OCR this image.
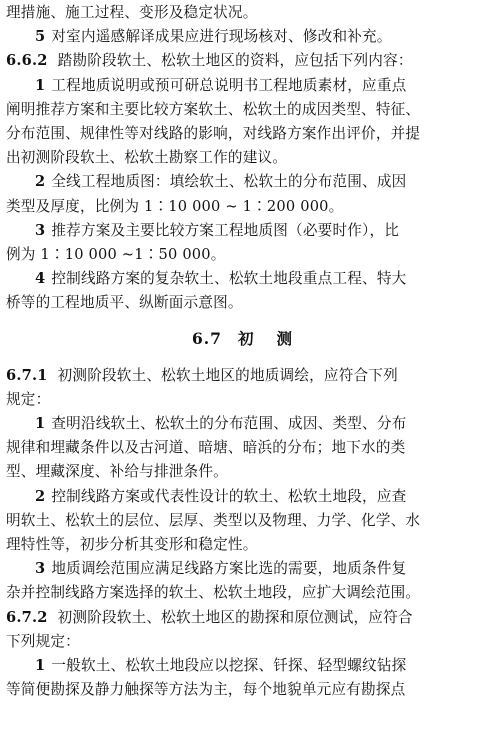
理措施、施工过程、变形及稳定状况。
5 对室内遥感解译成果应进行现场核对、修改和补充。
6.6.2 踏勘阶段软土、松软土地区的资料，应包括下列内容：
1 工程地质说明或预可研总说明书工程地质素材，应重点
阐明推荐方案和主要比较方案软土、松软土的成因类型、特征、
分布范围、规律性等对线路的影响，对线路方案作出评价，并提
出初测阶段软土、松软土勘察工作的建议。
2 全线工程地质图：填绘软土、松软土的分布范围、成因
类型及厚度，比例为 1∶10 000 ~ 1∶200 000。
3 推荐方案及主要比较方案工程地质图（必要时作），比
例为 1∶10 000 ~1∶50 000。
4 控制线路方案的复杂软土、松软土地段重点工程、特大
桥等的工程地质平、纵断面示意图。
6.7 初 测
6.7.1 初测阶段软土、松软土地区的地质调绘，应符合下列
规定：
1 查明沿线软土、松软土的分布范围、成因、类型、分布
规律和埋藏条件以及古河道、暗塘、暗浜的分布；地下水的类
型、埋藏深度、补给与排泄条件。
2 控制线路方案或代表性设计的软土、松软土地段，应查
明软土、松软土的层位、层厚、类型以及物理、力学、化学、水
理特性等，初步分析其变形和稳定性。
3 地质调绘范围应满足线路方案比选的需要，地质条件复
杂并控制线路方案选择的软土、松软土地段，应扩大调绘范围。
6.7.2 初测阶段软土、松软土地区的勘探和原位测试，应符合
下列规定：
1 一般软土、松软土地段应以挖探、钎探、轻型螺纹钻探
等简便勘探及静力触探等方法为主，每个地貌单元应有勘探点
